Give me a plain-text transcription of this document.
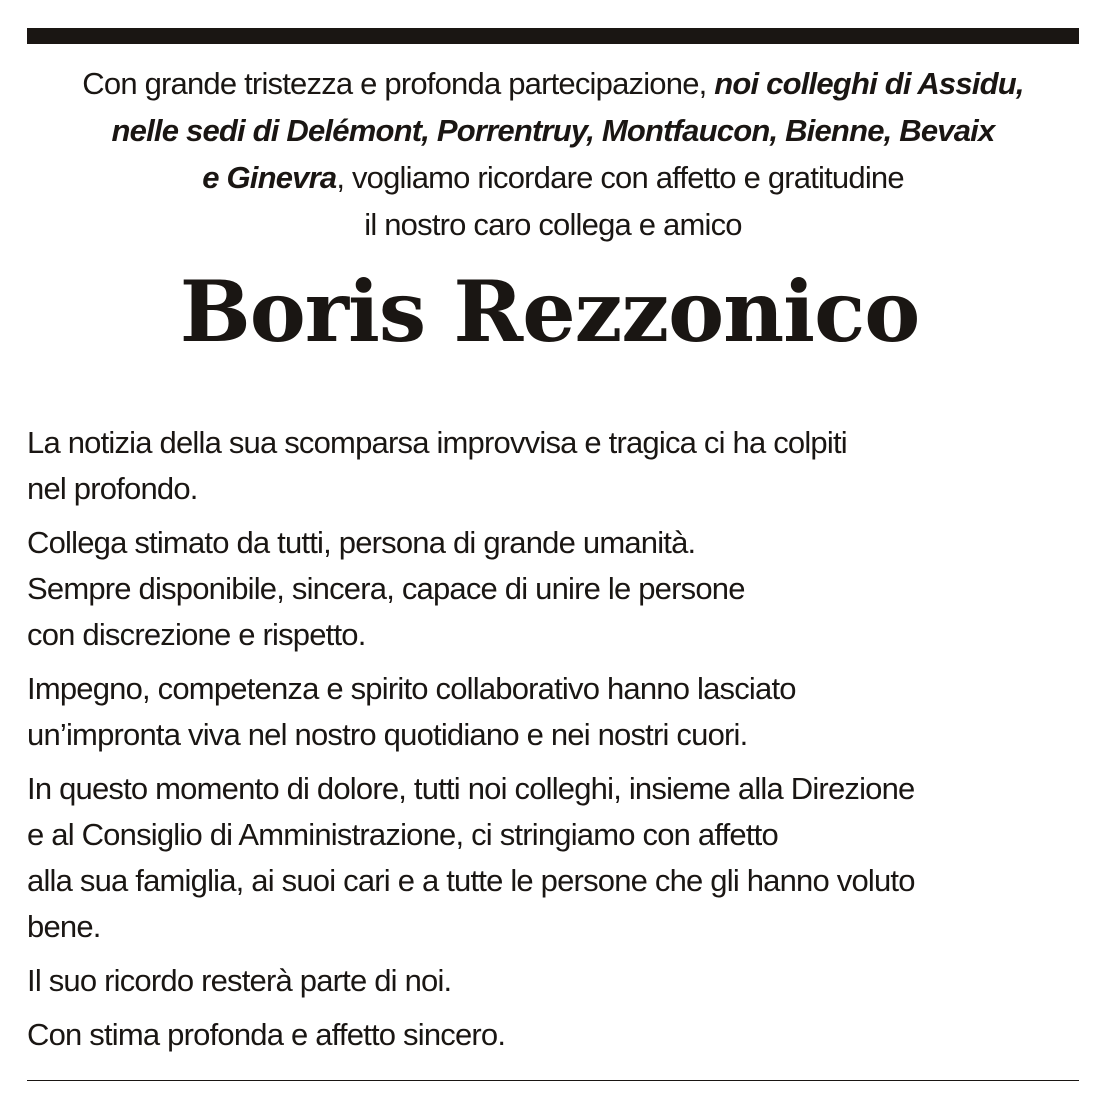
Con grande tristezza e profonda partecipazione, noi colleghi di Assidu,
nelle sedi di Delémont, Porrentruy, Montfaucon, Bienne, Bevaix
e Ginevra, vogliamo ricordare con affetto e gratitudine
il nostro caro collega e amico
Boris Rezzonico

La notizia della sua scomparsa improvvisa e tragica ci ha colpiti
nel profondo.

Collega stimato da tutti, persona di grande umanità.
Sempre disponibile, sincera, capace di unire le persone
con discrezione e rispetto.

Impegno, competenza e spirito collaborativo hanno lasciato
un’impronta viva nel nostro quotidiano e nei nostri cuori.

In questo momento di dolore, tutti noi colleghi, insieme alla Direzione
e al Consiglio di Amministrazione, ci stringiamo con affetto
alla sua famiglia, ai suoi cari e a tutte le persone che gli hanno voluto
bene.

Il suo ricordo resterà parte di noi.

Con stima profonda e affetto sincero.
